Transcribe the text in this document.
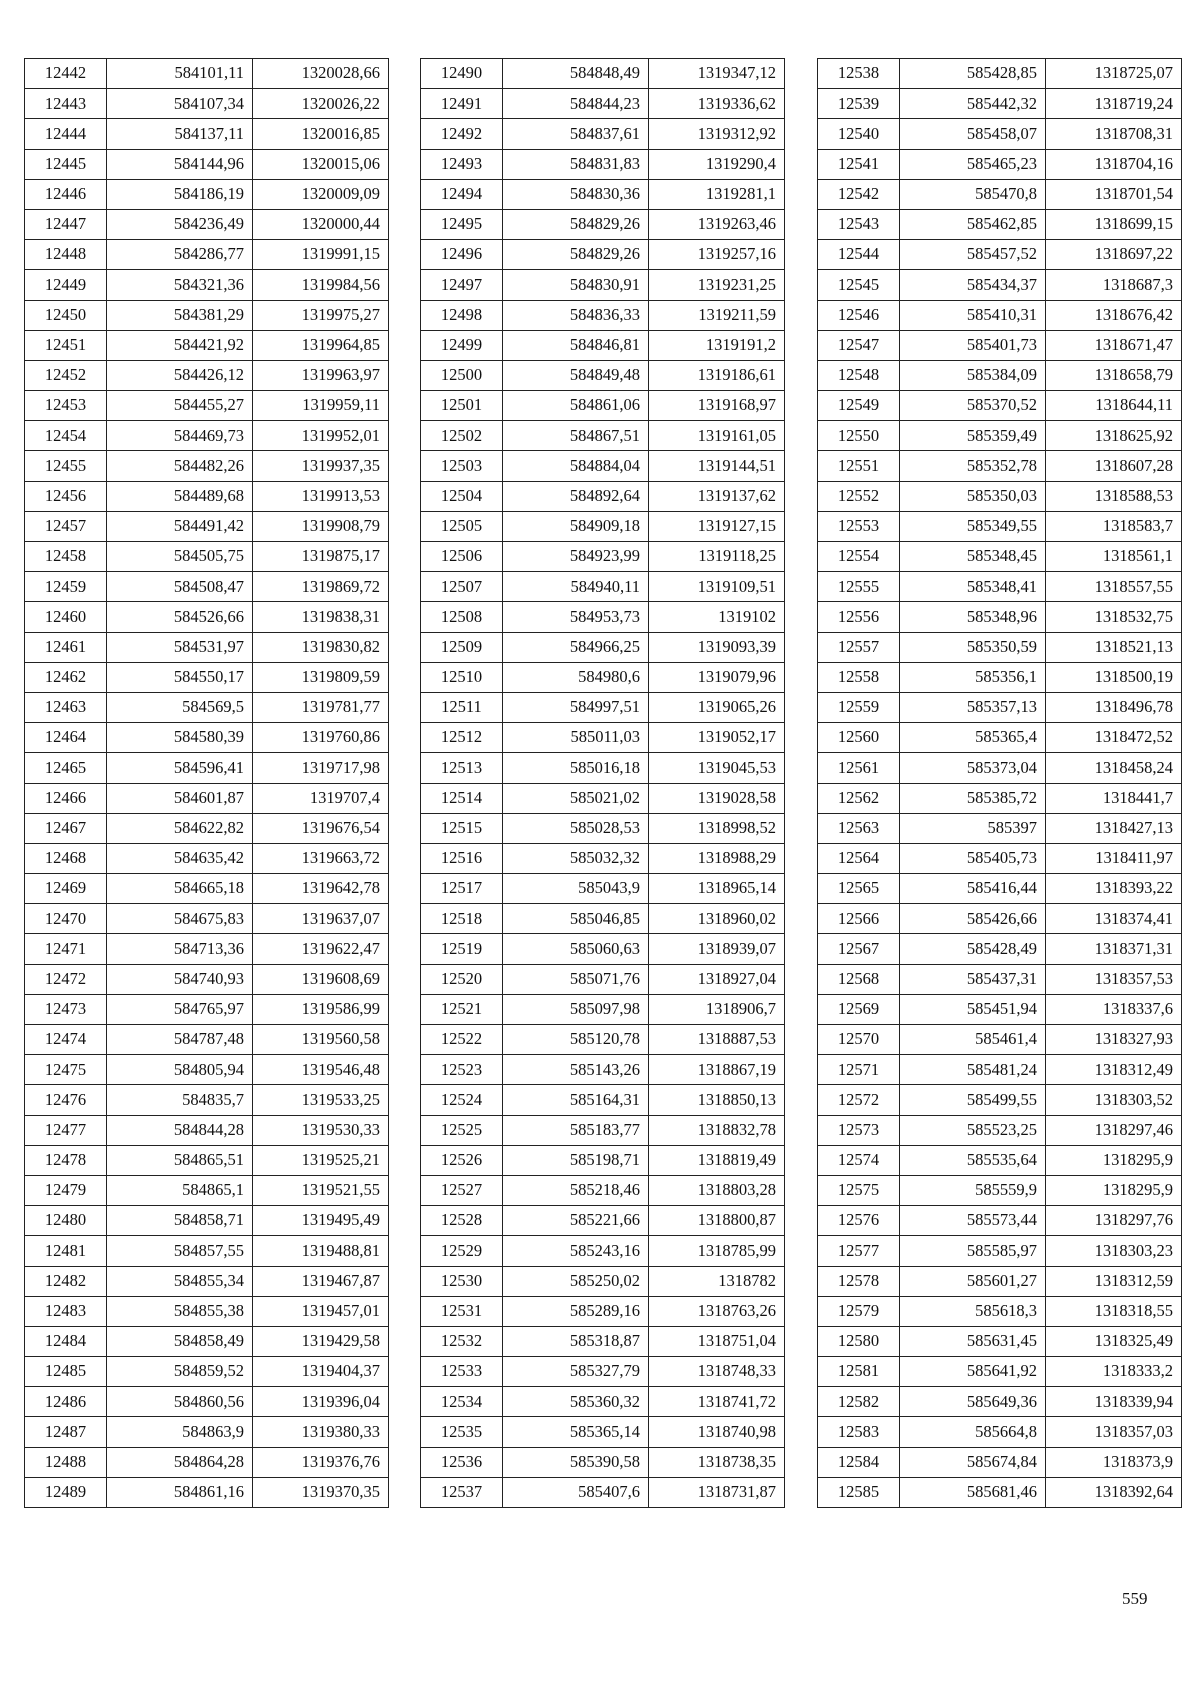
12442	584101,11	1320028,66
12443	584107,34	1320026,22
12444	584137,11	1320016,85
12445	584144,96	1320015,06
12446	584186,19	1320009,09
12447	584236,49	1320000,44
12448	584286,77	1319991,15
12449	584321,36	1319984,56
12450	584381,29	1319975,27
12451	584421,92	1319964,85
12452	584426,12	1319963,97
12453	584455,27	1319959,11
12454	584469,73	1319952,01
12455	584482,26	1319937,35
12456	584489,68	1319913,53
12457	584491,42	1319908,79
12458	584505,75	1319875,17
12459	584508,47	1319869,72
12460	584526,66	1319838,31
12461	584531,97	1319830,82
12462	584550,17	1319809,59
12463	584569,5	1319781,77
12464	584580,39	1319760,86
12465	584596,41	1319717,98
12466	584601,87	1319707,4
12467	584622,82	1319676,54
12468	584635,42	1319663,72
12469	584665,18	1319642,78
12470	584675,83	1319637,07
12471	584713,36	1319622,47
12472	584740,93	1319608,69
12473	584765,97	1319586,99
12474	584787,48	1319560,58
12475	584805,94	1319546,48
12476	584835,7	1319533,25
12477	584844,28	1319530,33
12478	584865,51	1319525,21
12479	584865,1	1319521,55
12480	584858,71	1319495,49
12481	584857,55	1319488,81
12482	584855,34	1319467,87
12483	584855,38	1319457,01
12484	584858,49	1319429,58
12485	584859,52	1319404,37
12486	584860,56	1319396,04
12487	584863,9	1319380,33
12488	584864,28	1319376,76
12489	584861,16	1319370,35
12490	584848,49	1319347,12
12491	584844,23	1319336,62
12492	584837,61	1319312,92
12493	584831,83	1319290,4
12494	584830,36	1319281,1
12495	584829,26	1319263,46
12496	584829,26	1319257,16
12497	584830,91	1319231,25
12498	584836,33	1319211,59
12499	584846,81	1319191,2
12500	584849,48	1319186,61
12501	584861,06	1319168,97
12502	584867,51	1319161,05
12503	584884,04	1319144,51
12504	584892,64	1319137,62
12505	584909,18	1319127,15
12506	584923,99	1319118,25
12507	584940,11	1319109,51
12508	584953,73	1319102
12509	584966,25	1319093,39
12510	584980,6	1319079,96
12511	584997,51	1319065,26
12512	585011,03	1319052,17
12513	585016,18	1319045,53
12514	585021,02	1319028,58
12515	585028,53	1318998,52
12516	585032,32	1318988,29
12517	585043,9	1318965,14
12518	585046,85	1318960,02
12519	585060,63	1318939,07
12520	585071,76	1318927,04
12521	585097,98	1318906,7
12522	585120,78	1318887,53
12523	585143,26	1318867,19
12524	585164,31	1318850,13
12525	585183,77	1318832,78
12526	585198,71	1318819,49
12527	585218,46	1318803,28
12528	585221,66	1318800,87
12529	585243,16	1318785,99
12530	585250,02	1318782
12531	585289,16	1318763,26
12532	585318,87	1318751,04
12533	585327,79	1318748,33
12534	585360,32	1318741,72
12535	585365,14	1318740,98
12536	585390,58	1318738,35
12537	585407,6	1318731,87
12538	585428,85	1318725,07
12539	585442,32	1318719,24
12540	585458,07	1318708,31
12541	585465,23	1318704,16
12542	585470,8	1318701,54
12543	585462,85	1318699,15
12544	585457,52	1318697,22
12545	585434,37	1318687,3
12546	585410,31	1318676,42
12547	585401,73	1318671,47
12548	585384,09	1318658,79
12549	585370,52	1318644,11
12550	585359,49	1318625,92
12551	585352,78	1318607,28
12552	585350,03	1318588,53
12553	585349,55	1318583,7
12554	585348,45	1318561,1
12555	585348,41	1318557,55
12556	585348,96	1318532,75
12557	585350,59	1318521,13
12558	585356,1	1318500,19
12559	585357,13	1318496,78
12560	585365,4	1318472,52
12561	585373,04	1318458,24
12562	585385,72	1318441,7
12563	585397	1318427,13
12564	585405,73	1318411,97
12565	585416,44	1318393,22
12566	585426,66	1318374,41
12567	585428,49	1318371,31
12568	585437,31	1318357,53
12569	585451,94	1318337,6
12570	585461,4	1318327,93
12571	585481,24	1318312,49
12572	585499,55	1318303,52
12573	585523,25	1318297,46
12574	585535,64	1318295,9
12575	585559,9	1318295,9
12576	585573,44	1318297,76
12577	585585,97	1318303,23
12578	585601,27	1318312,59
12579	585618,3	1318318,55
12580	585631,45	1318325,49
12581	585641,92	1318333,2
12582	585649,36	1318339,94
12583	585664,8	1318357,03
12584	585674,84	1318373,9
12585	585681,46	1318392,64
559
